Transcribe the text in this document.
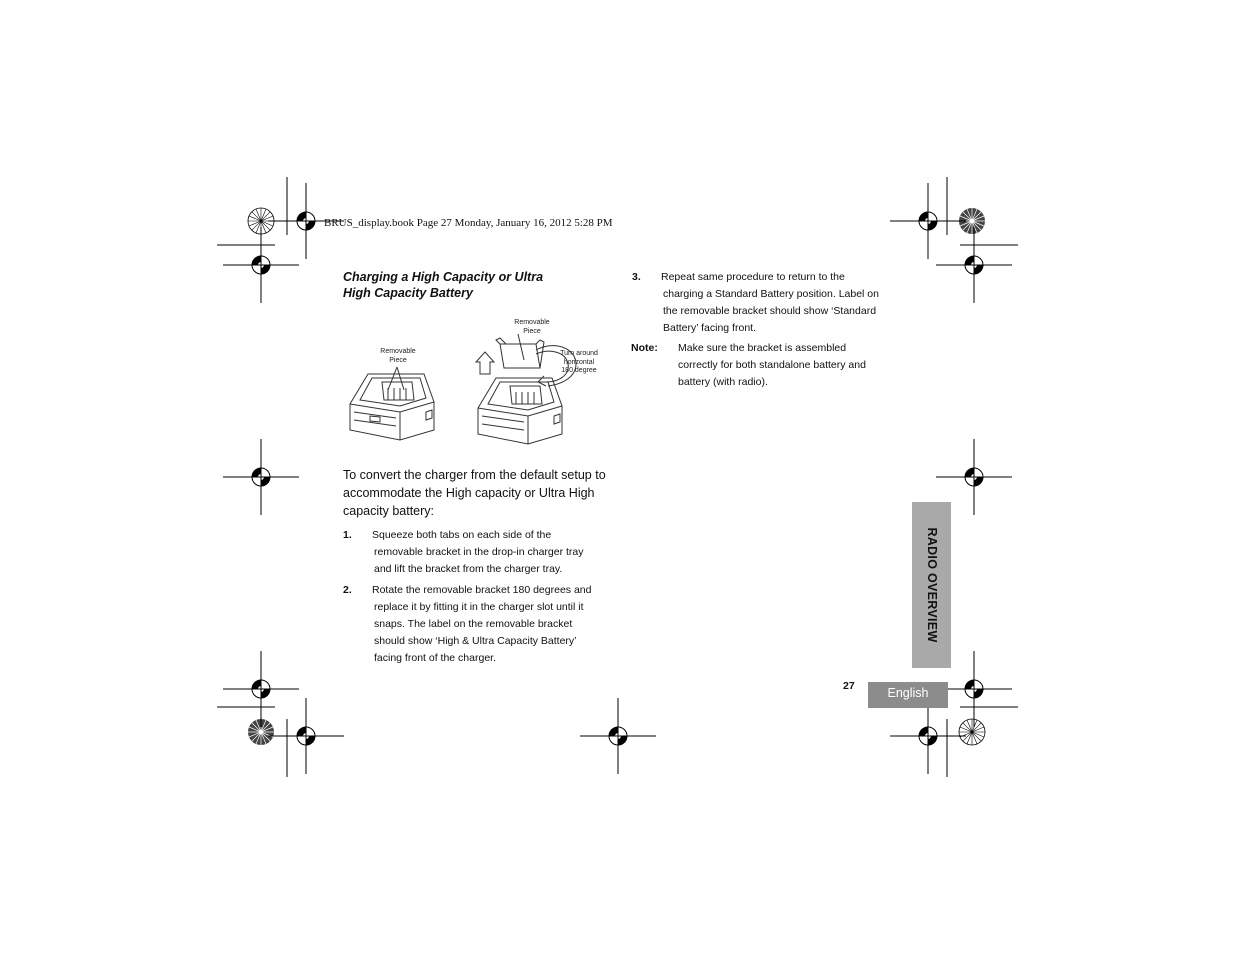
BRUS_display.book Page 27 Monday, January 16, 2012 5:28 PM
Charging a High Capacity or Ultra
High Capacity Battery
Removable
Piece
Removable
Piece
Turn around
horizontal
180 degree
To convert the charger from the default setup to accommodate the High capacity or Ultra High capacity battery:
1. Squeeze both tabs on each side of the
removable bracket in the drop-in charger tray
and lift the bracket from the charger tray.
2. Rotate the removable bracket 180 degrees and
replace it by fitting it in the charger slot until it
snaps. The label on the removable bracket
should show ‘High & Ultra Capacity Battery’
facing front of the charger.
3. Repeat same procedure to return to the
charging a Standard Battery position. Label on
the removable bracket should show ‘Standard
Battery’ facing front.
Note: Make sure the bracket is assembled
correctly for both standalone battery and
battery (with radio).
RADIO OVERVIEW
27	English
